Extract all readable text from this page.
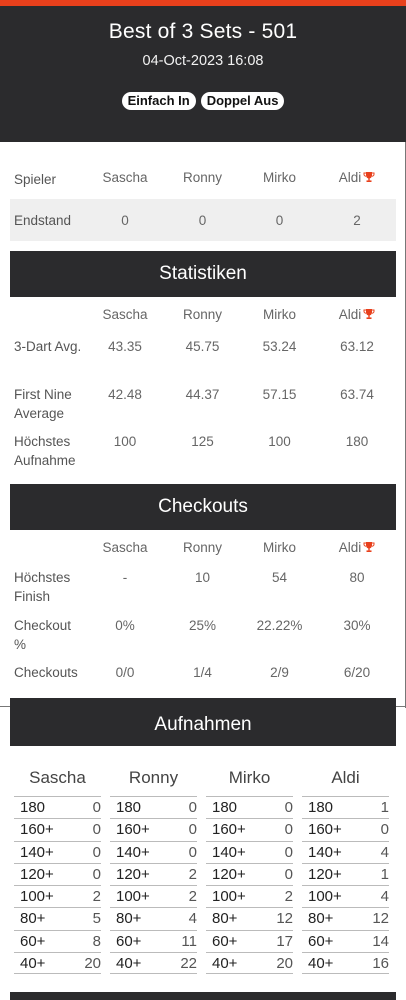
Best of 3 Sets - 501
04-Oct-2023 16:08
Einfach In	Doppel Aus
Spieler	Sascha	Ronny	Mirko	Aldi
Endstand	0	0	0	2
Statistiken
	Sascha	Ronny	Mirko	Aldi
3-Dart Avg.	43.35	45.75	53.24	63.12
First Nine Average	42.48	44.37	57.15	63.74
Höchstes Aufnahme	100	125	100	180
Checkouts
	Sascha	Ronny	Mirko	Aldi
Höchstes Finish	-	10	54	80
Checkout %	0%	25%	22.22%	30%
Checkouts	0/0	1/4	2/9	6/20
Aufnahmen
Sascha
180	0
160+	0
140+	0
120+	0
100+	2
80+	5
60+	8
40+	20
Ronny
180	0
160+	0
140+	0
120+	2
100+	2
80+	4
60+	11
40+	22
Mirko
180	0
160+	0
140+	0
120+	0
100+	2
80+	12
60+	17
40+	20
Aldi
180	1
160+	0
140+	4
120+	1
100+	4
80+	12
60+	14
40+	16
